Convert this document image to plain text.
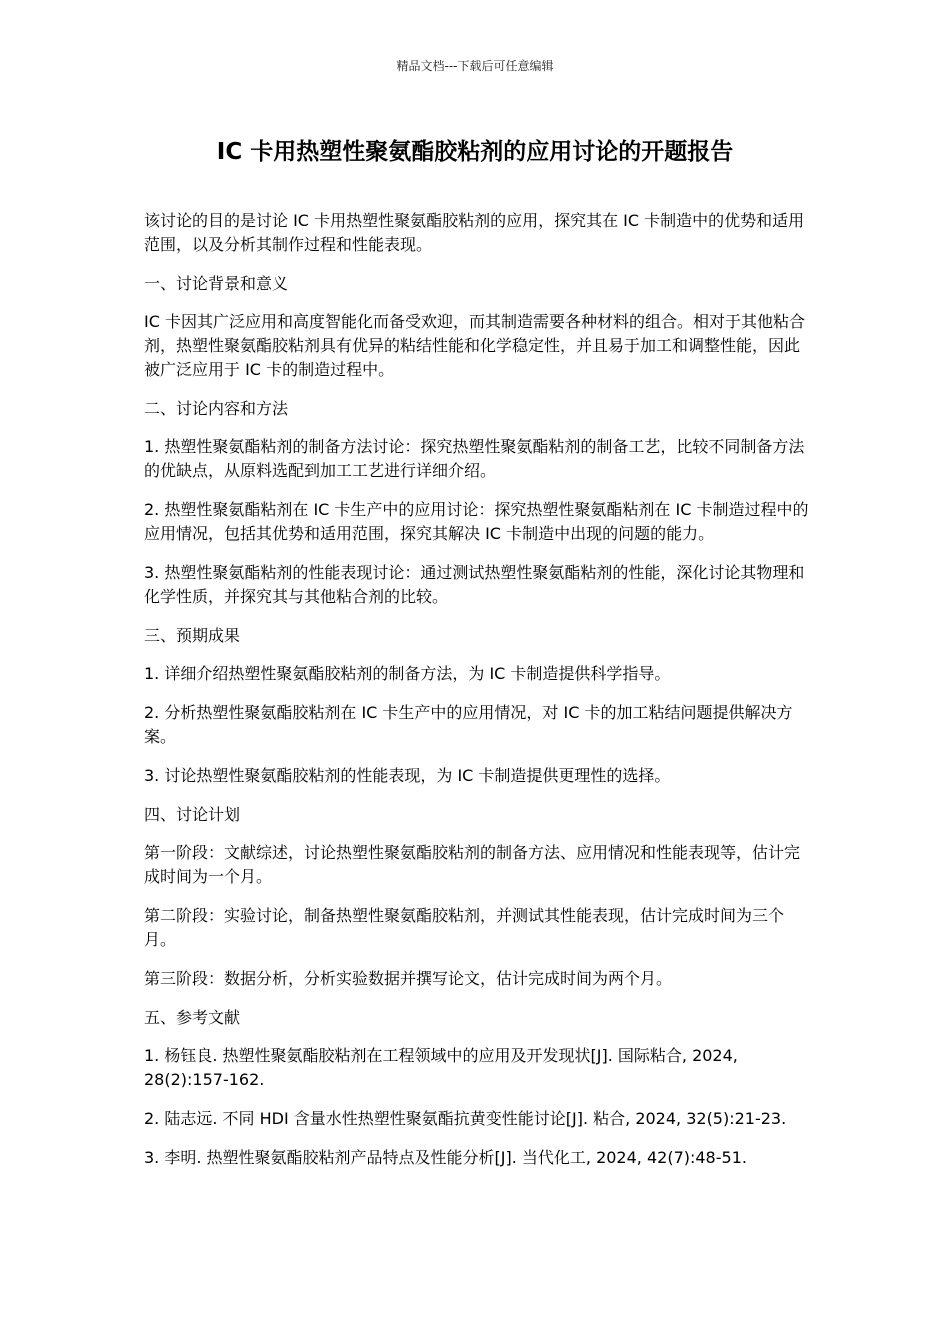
精品文档---下载后可任意编辑
IC 卡用热塑性聚氨酯胶粘剂的应用讨论的开题报告

该讨论的目的是讨论 IC 卡用热塑性聚氨酯胶粘剂的应用，探究其在 IC 卡制造中的优势和适用范围，以及分析其制作过程和性能表现。

一、讨论背景和意义

IC 卡因其广泛应用和高度智能化而备受欢迎，而其制造需要各种材料的组合。相对于其他粘合剂，热塑性聚氨酯胶粘剂具有优异的粘结性能和化学稳定性，并且易于加工和调整性能，因此被广泛应用于 IC 卡的制造过程中。

二、讨论内容和方法

1. 热塑性聚氨酯粘剂的制备方法讨论：探究热塑性聚氨酯粘剂的制备工艺，比较不同制备方法的优缺点，从原料选配到加工工艺进行详细介绍。

2. 热塑性聚氨酯粘剂在 IC 卡生产中的应用讨论：探究热塑性聚氨酯粘剂在 IC 卡制造过程中的应用情况，包括其优势和适用范围，探究其解决 IC 卡制造中出现的问题的能力。

3. 热塑性聚氨酯粘剂的性能表现讨论：通过测试热塑性聚氨酯粘剂的性能，深化讨论其物理和化学性质，并探究其与其他粘合剂的比较。

三、预期成果

1. 详细介绍热塑性聚氨酯胶粘剂的制备方法，为 IC 卡制造提供科学指导。

2. 分析热塑性聚氨酯胶粘剂在 IC 卡生产中的应用情况，对 IC 卡的加工粘结问题提供解决方案。

3. 讨论热塑性聚氨酯胶粘剂的性能表现，为 IC 卡制造提供更理性的选择。

四、讨论计划

第一阶段：文献综述，讨论热塑性聚氨酯胶粘剂的制备方法、应用情况和性能表现等，估计完成时间为一个月。

第二阶段：实验讨论，制备热塑性聚氨酯胶粘剂，并测试其性能表现，估计完成时间为三个月。

第三阶段：数据分析，分析实验数据并撰写论文，估计完成时间为两个月。

五、参考文献

1. 杨钰良. 热塑性聚氨酯胶粘剂在工程领域中的应用及开发现状[J]. 国际粘合, 2024, 28(2):157-162.

2. 陆志远. 不同 HDI 含量水性热塑性聚氨酯抗黄变性能讨论[J]. 粘合, 2024, 32(5):21-23.

3. 李明. 热塑性聚氨酯胶粘剂产品特点及性能分析[J]. 当代化工, 2024, 42(7):48-51.
